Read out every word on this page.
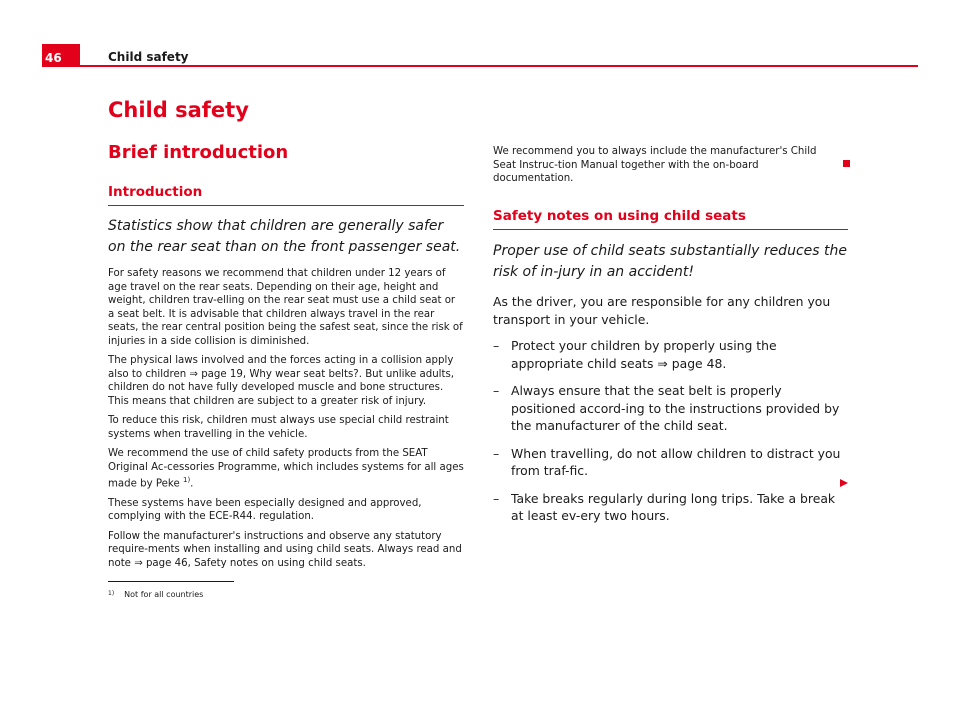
46	Child safety
Child safety
Brief introduction
Introduction
Statistics show that children are generally safer on the rear seat than on the front passenger seat.

For safety reasons we recommend that children under 12 years of age travel on the rear seats. Depending on their age, height and weight, children trav-elling on the rear seat must use a child seat or a seat belt. It is advisable that children always travel in the rear seats, the rear central position being the safest seat, since the risk of injuries in a side collision is diminished.

The physical laws involved and the forces acting in a collision apply also to children ⇒ page 19, Why wear seat belts?. But unlike adults, children do not have fully developed muscle and bone structures. This means that children are subject to a greater risk of injury.

To reduce this risk, children must always use special child restraint systems when travelling in the vehicle.

We recommend the use of child safety products from the SEAT Original Ac-cessories Programme, which includes systems for all ages made by Peke $^{1)}$.

These systems have been especially designed and approved, complying with the ECE-R44. regulation.

Follow the manufacturer's instructions and observe any statutory require-ments when installing and using child seats. Always read and note ⇒ page 46, Safety notes on using child seats.

We recommend you to always include the manufacturer's Child Seat Instruc-tion Manual together with the on-board documentation.

Safety notes on using child seats
Proper use of child seats substantially reduces the risk of in-jury in an accident!

As the driver, you are responsible for any children you transport in your vehicle.

– Protect your children by properly using the appropriate child seats ⇒ page 48.
– Always ensure that the seat belt is properly positioned accord-ing to the instructions provided by the manufacturer of the child seat.
– When travelling, do not allow children to distract you from traf-fic.
– Take breaks regularly during long trips. Take a break at least ev-ery two hours.
1) Not for all countries
